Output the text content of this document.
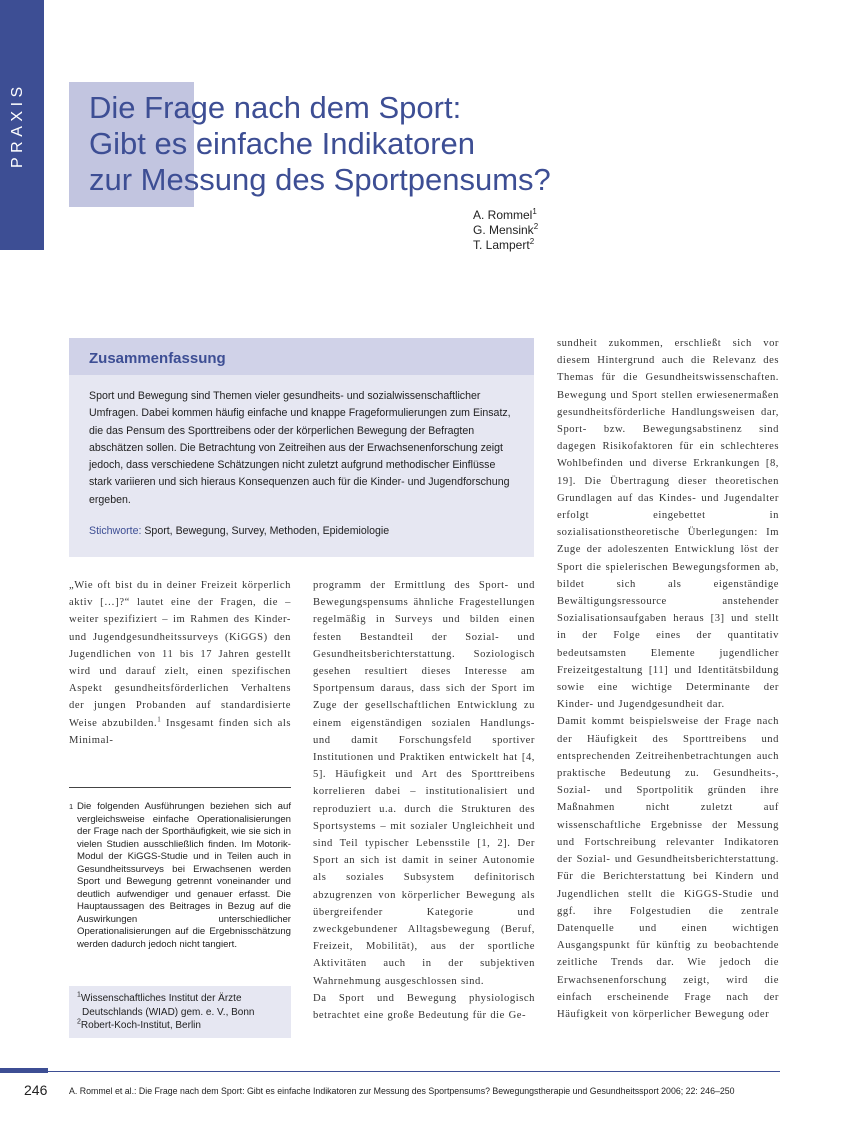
PRAXIS Die Frage nach dem Sport:
Gibt es einfache Indikatoren
zur Messung des Sportpensums?
A. Rommel$^1$
G. Mensink$^2$
T. Lampert$^2$
Zusammenfassung

Sport und Bewegung sind Themen vieler gesundheits- und sozialwissenschaftlicher Umfragen. Dabei kommen häufig einfache und knappe Frageformulierungen zum Einsatz, die das Pensum des Sporttreibens oder der körperlichen Bewegung der Befragten abschätzen sollen. Die Betrachtung von Zeitreihen aus der Erwachsenenforschung zeigt jedoch, dass verschiedene Schätzungen nicht zuletzt aufgrund methodischer Einflüsse stark variieren und sich hieraus Konsequenzen auch für die Kinder- und Jugendforschung ergeben.

Stichworte: Sport, Bewegung, Survey, Methoden, Epidemiologie

„Wie oft bist du in deiner Freizeit körperlich aktiv […]?“ lautet eine der Fragen, die – weiter spezifiziert – im Rahmen des Kinder- und Jugendgesundheitssurveys (KiGGS) den Jugendlichen von 11 bis 17 Jahren gestellt wird und darauf zielt, einen spezifischen Aspekt gesundheitsförderlichen Verhaltens der jungen Probanden auf standardisierte Weise abzubilden.$^1$ Insgesamt finden sich als Minimal-

1 Die folgenden Ausführungen beziehen sich auf vergleichsweise einfache Operationalisierungen der Frage nach der Sporthäufigkeit, wie sie sich in vielen Studien ausschließlich finden. Im Motorik-Modul der KiGGS-Studie und in Teilen auch in Gesundheitssurveys bei Erwachsenen werden Sport und Bewegung getrennt voneinander und deutlich aufwendiger und genauer erfasst. Die Hauptaussagen des Beitrages in Bezug auf die Auswirkungen unterschiedlicher Operationalisierungen auf die Ergebnisschätzung werden dadurch jedoch nicht tangiert.
$^1$Wissenschaftliches Institut der Ärzte
Deutschlands (WIAD) gem. e. V., Bonn
$^2$Robert-Koch-Institut, Berlin

programm der Ermittlung des Sport- und Bewegungspensums ähnliche Fragestellungen regelmäßig in Surveys und bilden einen festen Bestandteil der Sozial- und Gesundheitsberichterstattung. Soziologisch gesehen resultiert dieses Interesse am Sportpensum daraus, dass sich der Sport im Zuge der gesellschaftlichen Entwicklung zu einem eigenständigen sozialen Handlungs- und damit Forschungsfeld sportiver Institutionen und Praktiken entwickelt hat [4, 5]. Häufigkeit und Art des Sporttreibens korrelieren dabei – institutionalisiert und reproduziert u.a. durch die Strukturen des Sportsystems – mit sozialer Ungleichheit und sind Teil typischer Lebensstile [1, 2]. Der Sport an sich ist damit in seiner Autonomie als soziales Subsystem definitorisch abzugrenzen von körperlicher Bewegung als übergreifender Kategorie und zweckgebundener Alltagsbewegung (Beruf, Freizeit, Mobilität), aus der sportliche Aktivitäten auch in der subjektiven Wahrnehmung ausgeschlossen sind.

Da Sport und Bewegung physiologisch betrachtet eine große Bedeutung für die Ge-

sundheit zukommen, erschließt sich vor diesem Hintergrund auch die Relevanz des Themas für die Gesundheitswissenschaften. Bewegung und Sport stellen erwiesenermaßen gesundheitsförderliche Handlungsweisen dar, Sport- bzw. Bewegungsabstinenz sind dagegen Risikofaktoren für ein schlechteres Wohlbefinden und diverse Erkrankungen [8, 19]. Die Übertragung dieser theoretischen Grundlagen auf das Kindes- und Jugendalter erfolgt eingebettet in sozialisationstheoretische Überlegungen: Im Zuge der adoleszenten Entwicklung löst der Sport die spielerischen Bewegungsformen ab, bildet sich als eigenständige Bewältigungsressource anstehender Sozialisationsaufgaben heraus [3] und stellt in der Folge eines der quantitativ bedeutsamsten Elemente jugendlicher Freizeitgestaltung [11] und Identitätsbildung sowie eine wichtige Determinante der Kinder- und Jugendgesundheit dar.

Damit kommt beispielsweise der Frage nach der Häufigkeit des Sporttreibens und entsprechenden Zeitreihenbetrachtungen auch praktische Bedeutung zu. Gesundheits-, Sozial- und Sportpolitik gründen ihre Maßnahmen nicht zuletzt auf wissenschaftliche Ergebnisse der Messung und Fortschreibung relevanter Indikatoren der Sozial- und Gesundheitsberichterstattung. Für die Berichterstattung bei Kindern und Jugendlichen stellt die KiGGS-Studie und ggf. ihre Folgestudien die zentrale Datenquelle und einen wichtigen Ausgangspunkt für künftig zu beobachtende zeitliche Trends dar. Wie jedoch die Erwachsenenforschung zeigt, wird die einfach erscheinende Frage nach der Häufigkeit von körperlicher Bewegung oder

246 A. Rommel et al.: Die Frage nach dem Sport: Gibt es einfache Indikatoren zur Messung des Sportpensums? Bewegungstherapie und Gesundheitssport 2006; 22: 246–250
